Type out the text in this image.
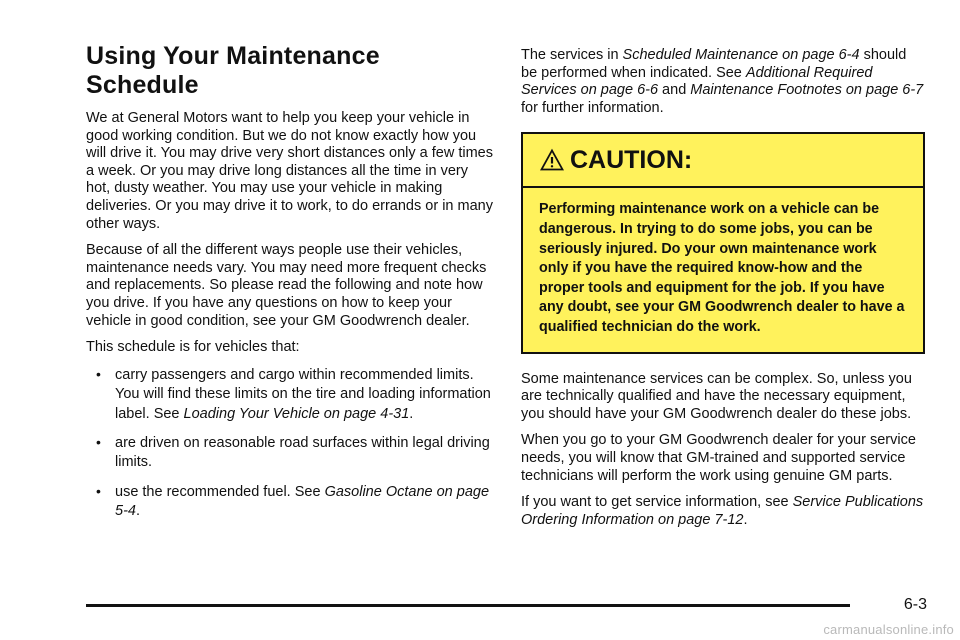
Using Your Maintenance Schedule

We at General Motors want to help you keep your vehicle in good working condition. But we do not know exactly how you will drive it. You may drive very short distances only a few times a week. Or you may drive long distances all the time in very hot, dusty weather. You may use your vehicle in making deliveries. Or you may drive it to work, to do errands or in many other ways.

Because of all the different ways people use their vehicles, maintenance needs vary. You may need more frequent checks and replacements. So please read the following and note how you drive. If you have any questions on how to keep your vehicle in good condition, see your GM Goodwrench dealer.

This schedule is for vehicles that:

• carry passengers and cargo within recommended limits. You will find these limits on the tire and loading information label. See Loading Your Vehicle on page 4-31.
• are driven on reasonable road surfaces within legal driving limits.
• use the recommended fuel. See Gasoline Octane on page 5-4.

The services in Scheduled Maintenance on page 6-4 should be performed when indicated. See Additional Required Services on page 6-6 and Maintenance Footnotes on page 6-7 for further information.

CAUTION:
Performing maintenance work on a vehicle can be dangerous. In trying to do some jobs, you can be seriously injured. Do your own maintenance work only if you have the required know-how and the proper tools and equipment for the job. If you have any doubt, see your GM Goodwrench dealer to have a qualified technician do the work.

Some maintenance services can be complex. So, unless you are technically qualified and have the necessary equipment, you should have your GM Goodwrench dealer do these jobs.

When you go to your GM Goodwrench dealer for your service needs, you will know that GM-trained and supported service technicians will perform the work using genuine GM parts.

If you want to get service information, see Service Publications Ordering Information on page 7-12.

6-3
carmanualsonline.info
